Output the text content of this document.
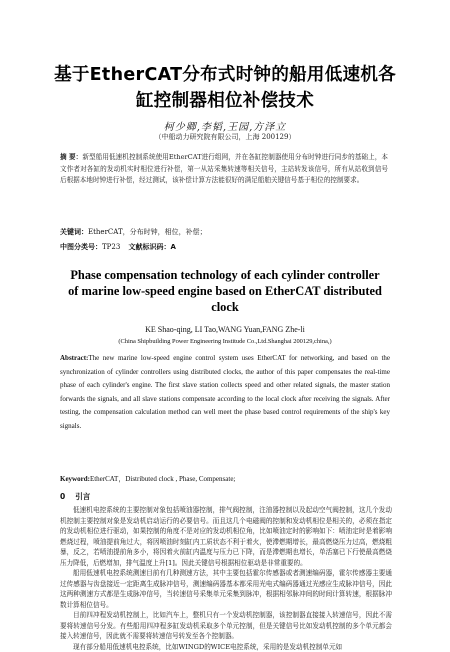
基于EtherCAT分布式时钟的船用低速机各
缸控制器相位补偿技术
柯少卿,李韬,王园,方泽立
（中船动力研究院有限公司，上海 200129）
摘 要：新型船用低速机控制系统使用EtherCAT进行组网，并在各缸控制器使用分布时钟进行同步的基础上，本文作者对各缸的发动机实时相位进行补偿，第一从站采集转速等相关信号，主站转发该信号，所有从站收到信号后根据本地时钟进行补偿，经过测试，该补偿计算方法能很好的满足船舶关键信号基于相位的控制要求。
关键词：EtherCAT，分布时钟，相位，补偿；
中图分类号：TP23 文献标识码：A
Phase compensation technology of each cylinder controller
of marine low-speed engine based on EtherCAT distributed
clock
KE Shao-qing, LI Tao,WANG Yuan,FANG Zhe-li
(China Shipbuilding Power Engineering Institude Co.,Ltd.Shanghai 200129,china,)
Abstract:The new marine low-speed engine control system uses EtherCAT for networking, and based on the synchronization of cylinder controllers using distributed clocks, the author of this paper compensates the real-time phase of each cylinder's engine. The first slave station collects speed and other related signals, the master station forwards the signals, and all slave stations compensate according to the local clock after receiving the signals. After testing, the compensation calculation method can well meet the phase based control requirements of the ship's key signals.
Keyword:EtherCAT，Distributed clock , Phase, Compensate;
0 引言

低速机电控系统的主要控制对象包括喷油器控制，排气阀控制，注油器控制以及起动空气阀控制，这几个发动机控制主要控制对象是发动机启动运行的必要信号。而且这几个电磁阀的控制和发动机相位是相关的，必须在指定的发动机相位进行驱动，如果控制的角度不是对应的发动机相位角，比如喷油定时的影响如下：喷油定时是着影响燃烧过程，喷油提前角过大，将因喷油时刻缸内工质状态不利于着火，使滞燃期增长，最高燃烧压力过高，燃烧粗暴，反之，若喷油提前角多小，将因着火前缸内温度与压力已下降，而是滞燃期也增长，单活塞已下行使最高燃烧压力降低，后燃增加，排气温度上升[1]。因此关键信号根据相位驱动是非常重要的。

船用低速机电控系统测速目前有几种测速方法，其中主要包括霍尔传感器或者测速编码器，霍尔传感器主要通过传感器与齿盘接近一定距离生成脉冲信号，测速编码器基本都采用光电式编码器通过光感应生成脉冲信号，因此这两种测速方式都是生成脉冲信号，当转速信号采集单元采集到脉冲，根据相邻脉冲间的时间计算转速，根据脉冲数计算相位信号。

目前四冲程发动机控制上，比如汽车上，整机只有一个发动机控制器，该控制器直接接入转速信号，因此不需要将转速信号分发。有些船用四冲程多缸发动机采取多个单元控制，但是关键信号比如发动机控制的多个单元都会接入转速信号，因此就不需要将转速信号转发至各个控制器。

现有部分船用低速机电控系统，比如WINGD的WICE电控系统，采用的是发动机控制单元如
